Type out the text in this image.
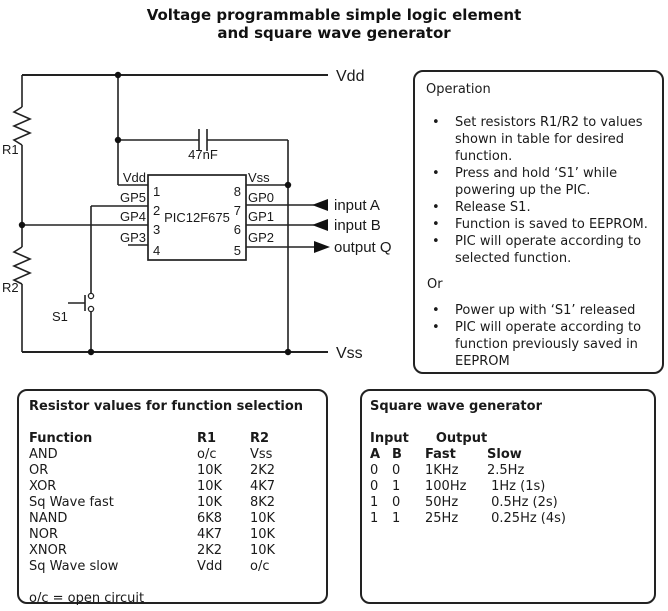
Voltage programmable simple logic element
and square wave generator
PIC12F675
1
2
3
4
8
7
6
5
Vdd
GP5
GP4
GP3
Vss
GP0
GP1
GP2
R1
R2
S1
47nF
Vdd
Vss
input A
input B
output Q
Operation
•	Set resistors R1/R2 to values shown in table for desired function.
•	Press and hold ‘S1’ while powering up the PIC.
•	Release S1.
•	Function is saved to EEPROM.
•	PIC will operate according to selected function.
Or
•	Power up with ‘S1’ released
•	PIC will operate according to function previously saved in EEPROM
Resistor values for function selection
Function	R1	R2
AND	o/c	Vss
OR	10K	2K2
XOR	10K	4K7
Sq Wave fast	10K	8K2
NAND	6K8	10K
NOR	4K7	10K
XNOR	2K2	10K
Sq Wave slow	Vdd	o/c
o/c = open circuit
Square wave generator
Input Output
A B	Fast	Slow
0	0	1KHz	2.5Hz
0	1	100Hz	1Hz (1s)
1	0	50Hz	0.5Hz (2s)
1	1	25Hz	0.25Hz (4s)
